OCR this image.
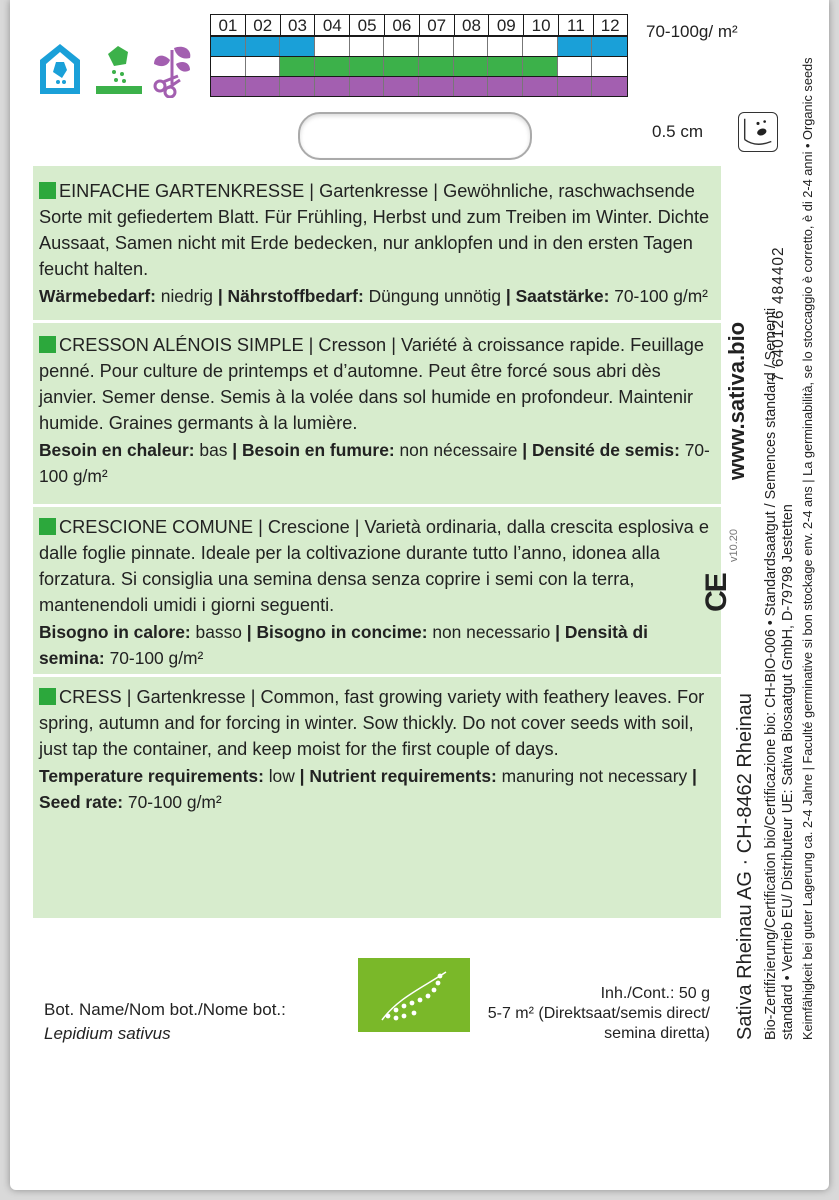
01 02 03 04 05 06 07 08 09 10 11 12	70-100g/ m²
0.5 cm
EINFACHE GARTENKRESSE | Gartenkresse | Gewöhnliche, raschwachsende Sorte mit gefiedertem Blatt. Für Frühling, Herbst und zum Treiben im Winter. Dichte Aussaat, Samen nicht mit Erde bedecken, nur anklopfen und in den ersten Tagen feucht halten.
Wärmebedarf: niedrig | Nährstoffbedarf: Düngung unnötig | Saatstärke: 70-100 g/m²
CRESSON ALÉNOIS SIMPLE | Cresson | Variété à croissance rapide. Feuillage penné. Pour culture de printemps et d’automne. Peut être forcé sous abri dès janvier. Semer dense. Semis à la volée dans sol humide en profondeur. Maintenir humide. Graines germants à la lumière.
Besoin en chaleur: bas | Besoin en fumure: non nécessaire | Densité de semis: 70-100 g/m²
CRESCIONE COMUNE | Crescione | Varietà ordinaria, dalla crescita esplosiva e dalle foglie pinnate. Ideale per la coltivazione durante tutto l’anno, idonea alla forzatura. Si consiglia una semina densa senza coprire i semi con la terra, mantenendoli umidi i giorni seguenti.
Bisogno in calore: basso | Bisogno in concime: non necessario | Densità di semina: 70-100 g/m²
CRESS | Gartenkresse | Common, fast growing variety with feathery leaves. For spring, autumn and for forcing in winter. Sow thickly. Do not cover seeds with soil, just tap the container, and keep moist for the first couple of days.
Temperature requirements: low | Nutrient requirements: manuring not necessary | Seed rate: 70-100 g/m²
Bot. Name/Nom bot./Nome bot.:
Lepidium sativus
Inh./Cont.: 50 g
5-7 m² (Direktsaat/semis direct/
semina diretta)
www.sativa.bio
Sativa Rheinau AG · CH-8462 Rheinau Bio-Zertifizierung/Certification bio/Certificazione bio: CH-BIO-006 • Standardsaatgut / Semences standard / Sementi standard • Vertrieb EU/ Distributeur UE: Sativa Biosaatgut GmbH, D-79798 Jestetten Keimfähigkeit bei guter Lagerung ca. 2-4 Jahre | Faculté germinative si bon stockage env. 2-4 ans | La germinabilità, se lo stoccaggio è corretto, è di 2-4 anni • Organic seeds
7 640126 484402
v10.20
CE
